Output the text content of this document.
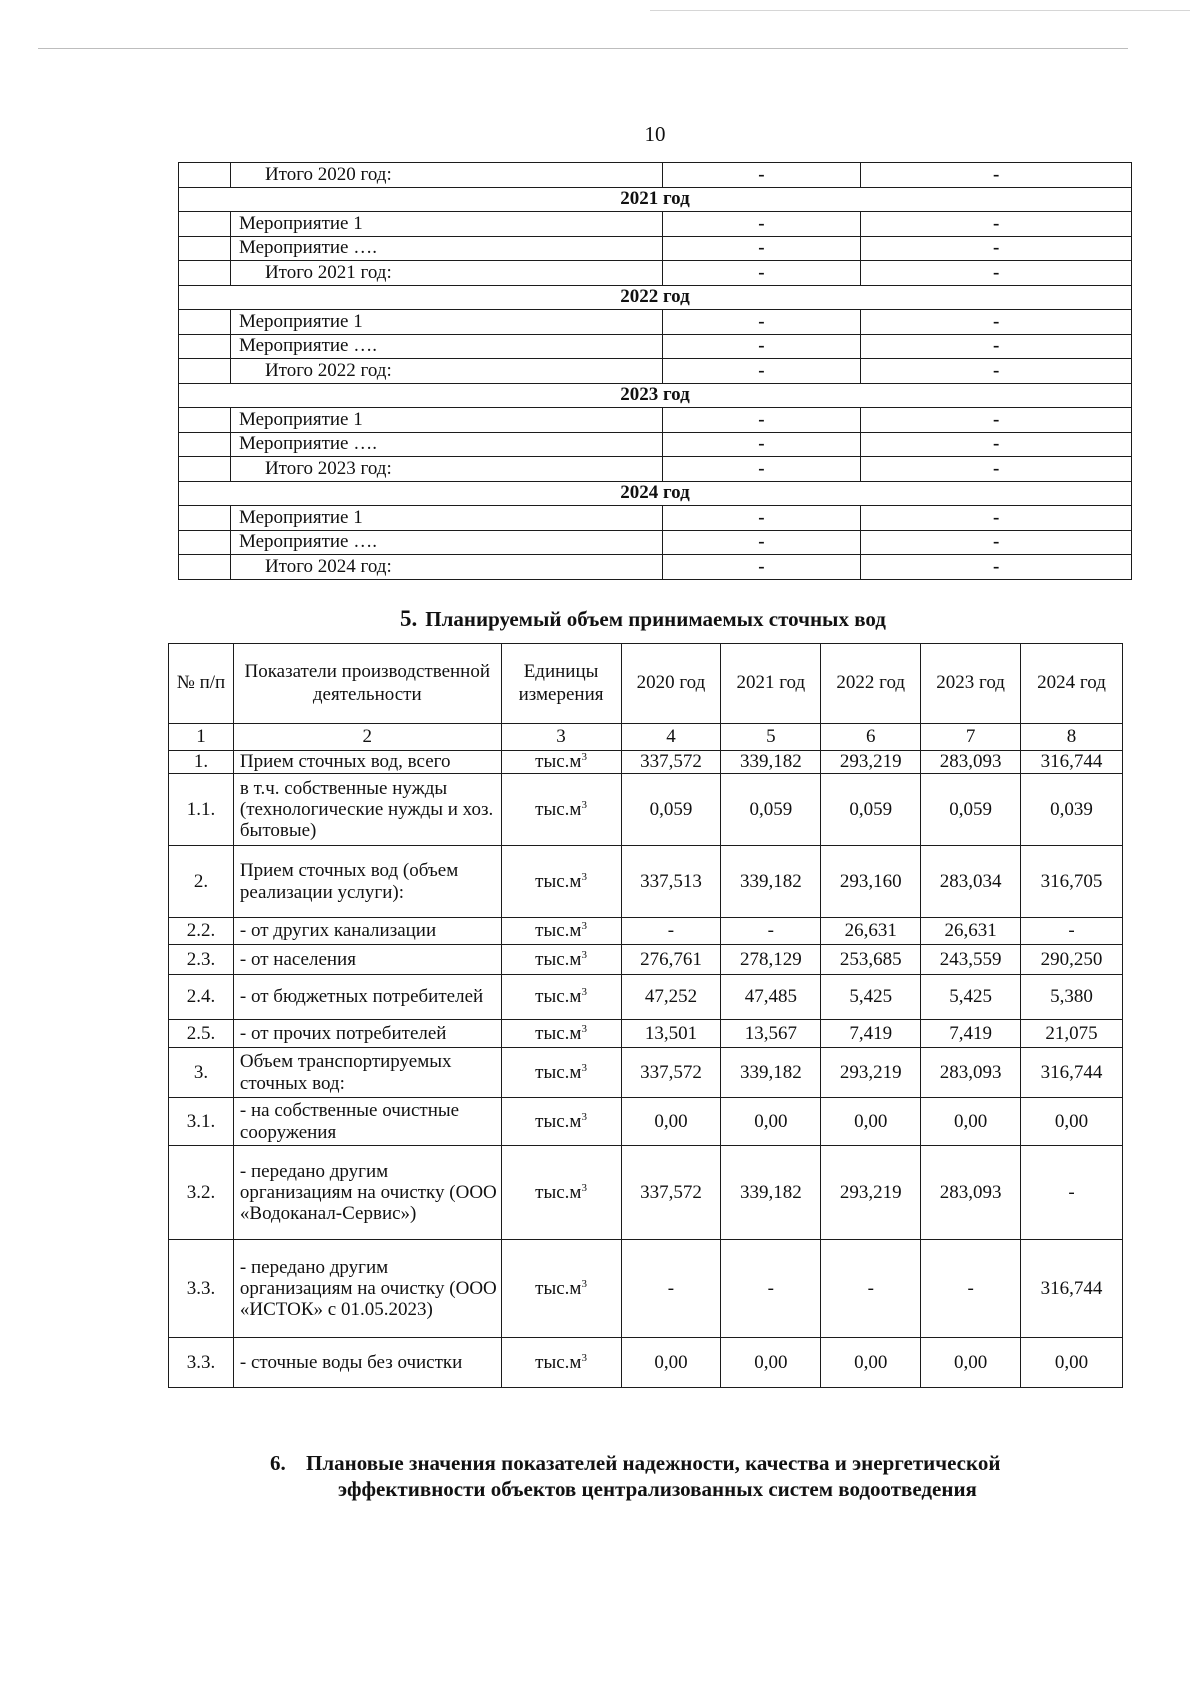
10
	Итого 2020 год:	-	-
2021 год			
	Мероприятие 1	-	-
	Мероприятие ….	-	-
	Итого 2021 год:	-	-
2022 год			
	Мероприятие 1	-	-
	Мероприятие ….	-	-
	Итого 2022 год:	-	-
2023 год			
	Мероприятие 1	-	-
	Мероприятие ….	-	-
	Итого 2023 год:	-	-
2024 год			
	Мероприятие 1	-	-
	Мероприятие ….	-	-
	Итого 2024 год:	-	-
5. Планируемый объем принимаемых сточных вод
№ п/п	Показатели производственной деятельности	Единицы измерения	2020 год	2021 год	2022 год	2023 год	2024 год
1	2	3	4	5	6	7	8
1.	Прием сточных вод, всего	$тыс.м^3$	337,572	339,182	293,219	283,093	316,744
1.1.	в т.ч. собственные нужды (технологические нужды и хоз. бытовые)	$тыс.м^3$	0,059	0,059	0,059	0,059	0,039
2.	Прием сточных вод (объем реализации услуги):	$тыс.м^3$	337,513	339,182	293,160	283,034	316,705
2.2.	- от других канализации	$тыс.м^3$	-	-	26,631	26,631	-
2.3.	- от населения	$тыс.м^3$	276,761	278,129	253,685	243,559	290,250
2.4.	- от бюджетных потребителей	$тыс.м^3$	47,252	47,485	5,425	5,425	5,380
2.5.	- от прочих потребителей	$тыс.м^3$	13,501	13,567	7,419	7,419	21,075
3.	Объем транспортируемых сточных вод:	$тыс.м^3$	337,572	339,182	293,219	283,093	316,744
3.1.	- на собственные очистные сооружения	$тыс.м^3$	0,00	0,00	0,00	0,00	0,00
3.2.	- передано другим организациям на очистку (ООО «Водоканал-Сервис»)	$тыс.м^3$	337,572	339,182	293,219	283,093	-
3.3.	- передано другим организациям на очистку (ООО «ИСТОК» с 01.05.2023)	$тыс.м^3$	-	-	-	-	316,744
3.3.	- сточные воды без очистки	$тыс.м^3$	0,00	0,00	0,00	0,00	0,00
6. Плановые значения показателей надежности, качества и энергетической
эффективности объектов централизованных систем водоотведения
